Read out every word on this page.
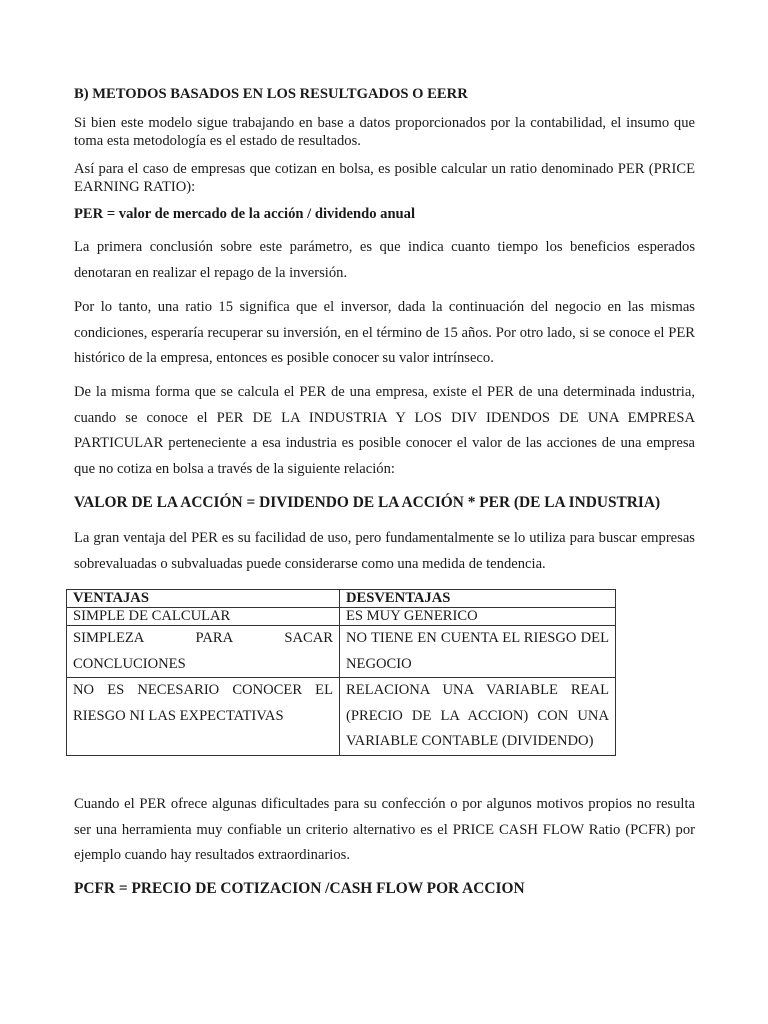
B) METODOS BASADOS EN LOS RESULTGADOS O EERR

Si bien este modelo sigue trabajando en base a datos proporcionados por la contabilidad, el insumo que toma esta metodología es el estado de resultados.

Así para el caso de empresas que cotizan en bolsa, es posible calcular un ratio denominado PER (PRICE EARNING RATIO):

PER = valor de mercado de la acción / dividendo anual

La primera conclusión sobre este parámetro, es que indica cuanto tiempo los beneficios esperados denotaran en realizar el repago de la inversión.

Por lo tanto, una ratio 15 significa que el inversor, dada la continuación del negocio en las mismas condiciones, esperaría recuperar su inversión, en el término de 15 años. Por otro lado, si se conoce el PER histórico de la empresa, entonces es posible conocer su valor intrínseco.

De la misma forma que se calcula el PER de una empresa, existe el PER de una determinada industria, cuando se conoce el PER DE LA INDUSTRIA Y LOS DIV IDENDOS DE UNA EMPRESA PARTICULAR perteneciente a esa industria es posible conocer el valor de las acciones de una empresa que no cotiza en bolsa a través de la siguiente relación:

VALOR DE LA ACCIÓN = DIVIDENDO DE LA ACCIÓN * PER (DE LA INDUSTRIA)

La gran ventaja del PER es su facilidad de uso, pero fundamentalmente se lo utiliza para buscar empresas sobrevaluadas o subvaluadas puede considerarse como una medida de tendencia.

VENTAJAS	DESVENTAJAS
SIMPLE DE CALCULAR	ES MUY GENERICO
SIMPLEZA PARA SACAR CONCLUCIONES	NO TIENE EN CUENTA EL RIESGO DEL NEGOCIO
NO ES NECESARIO CONOCER EL RIESGO NI LAS EXPECTATIVAS	RELACIONA UNA VARIABLE REAL (PRECIO DE LA ACCION) CON UNA VARIABLE CONTABLE (DIVIDENDO)

Cuando el PER ofrece algunas dificultades para su confección o por algunos motivos propios no resulta ser una herramienta muy confiable un criterio alternativo es el PRICE CASH FLOW Ratio (PCFR) por ejemplo cuando hay resultados extraordinarios.

PCFR = PRECIO DE COTIZACION /CASH FLOW POR ACCION
